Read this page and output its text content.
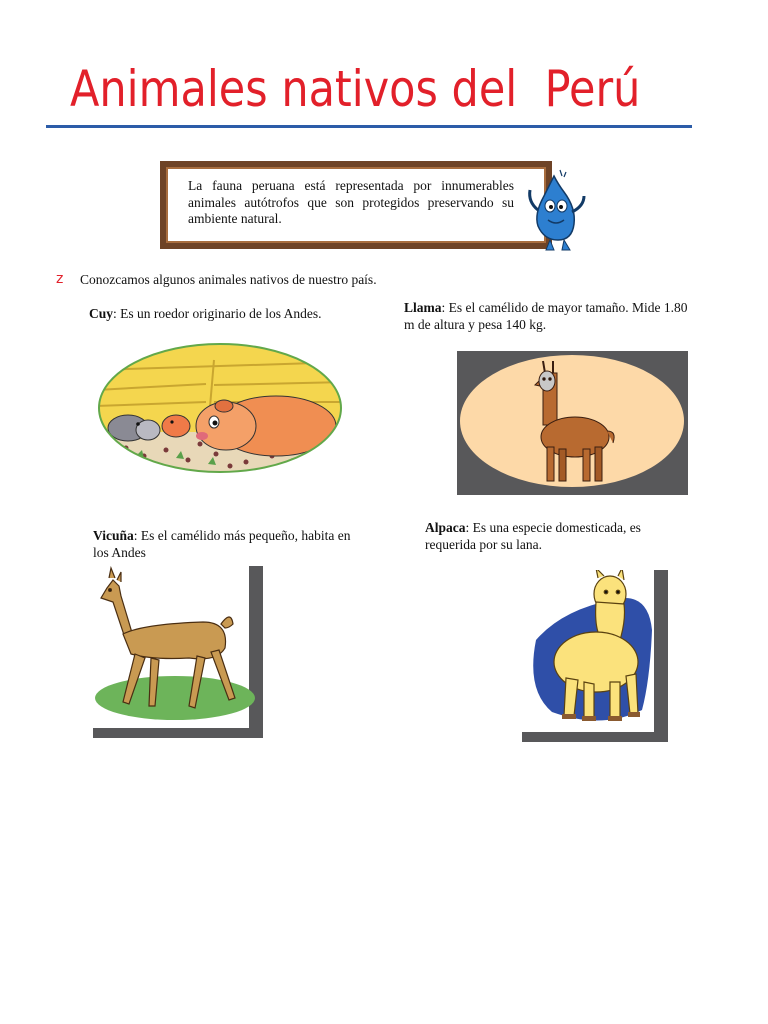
Animales nativos del  Perú
La fauna peruana está representada por innumerables animales autótrofos que son protegidos preservando su ambiente natural.
z Conozcamos algunos animales nativos de nuestro país.
Cuy: Es un roedor originario de los Andes.	Llama: Es el camélido de mayor tamaño. Mide 1.80 m de altura y pesa 140 kg.
Vicuña: Es el camélido más pequeño, habita en los Andes
Alpaca: Es una especie domesticada, es requerida por su lana.
